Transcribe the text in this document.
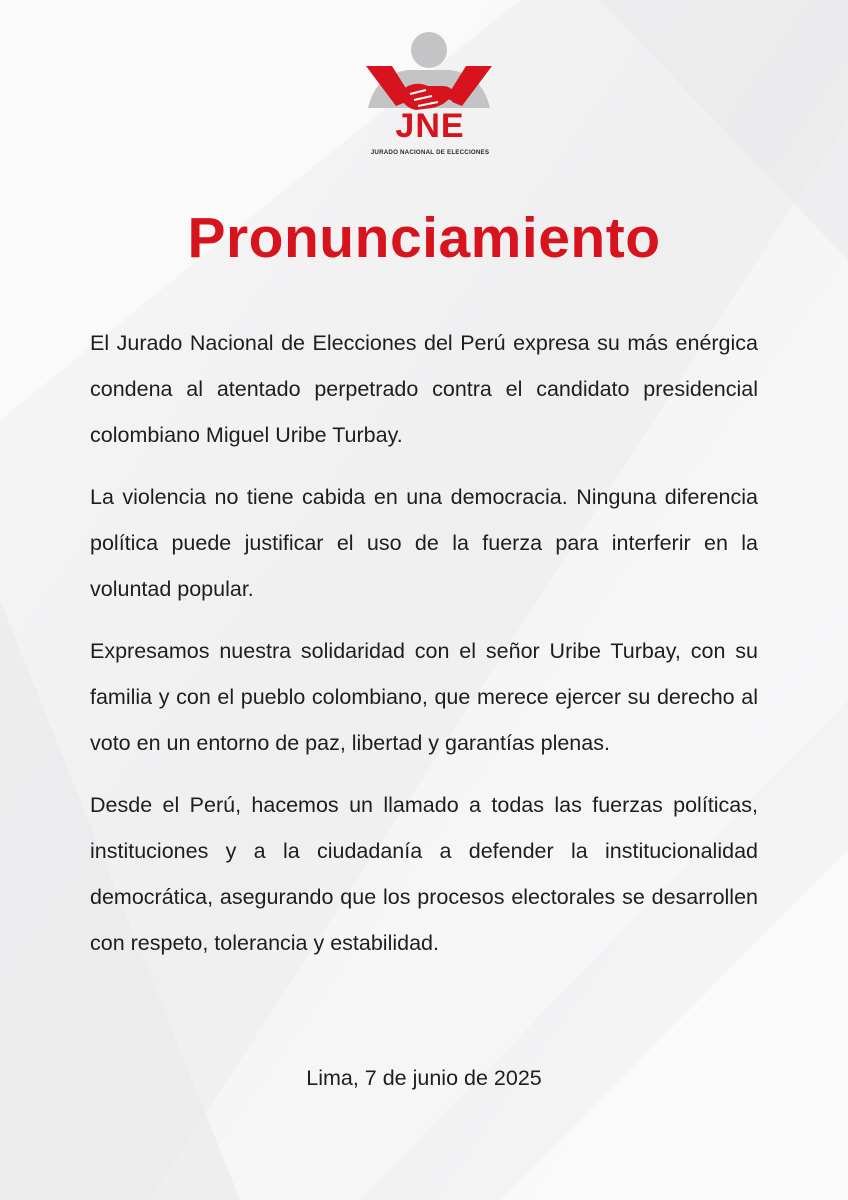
JNE
JURADO NACIONAL DE ELECCIONES
Pronunciamiento

El Jurado Nacional de Elecciones del Perú expresa su más enérgica condena al atentado perpetrado contra el candidato presidencial colombiano Miguel Uribe Turbay.

La violencia no tiene cabida en una democracia. Ninguna diferencia política puede justificar el uso de la fuerza para interferir en la voluntad popular.

Expresamos nuestra solidaridad con el señor Uribe Turbay, con su familia y con el pueblo colombiano, que merece ejercer su derecho al voto en un entorno de paz, libertad y garantías plenas.

Desde el Perú, hacemos un llamado a todas las fuerzas políticas, instituciones y a la ciudadanía a defender la institucionalidad democrática, asegurando que los procesos electorales se desarrollen con respeto, tolerancia y estabilidad.

Lima, 7 de junio de 2025
